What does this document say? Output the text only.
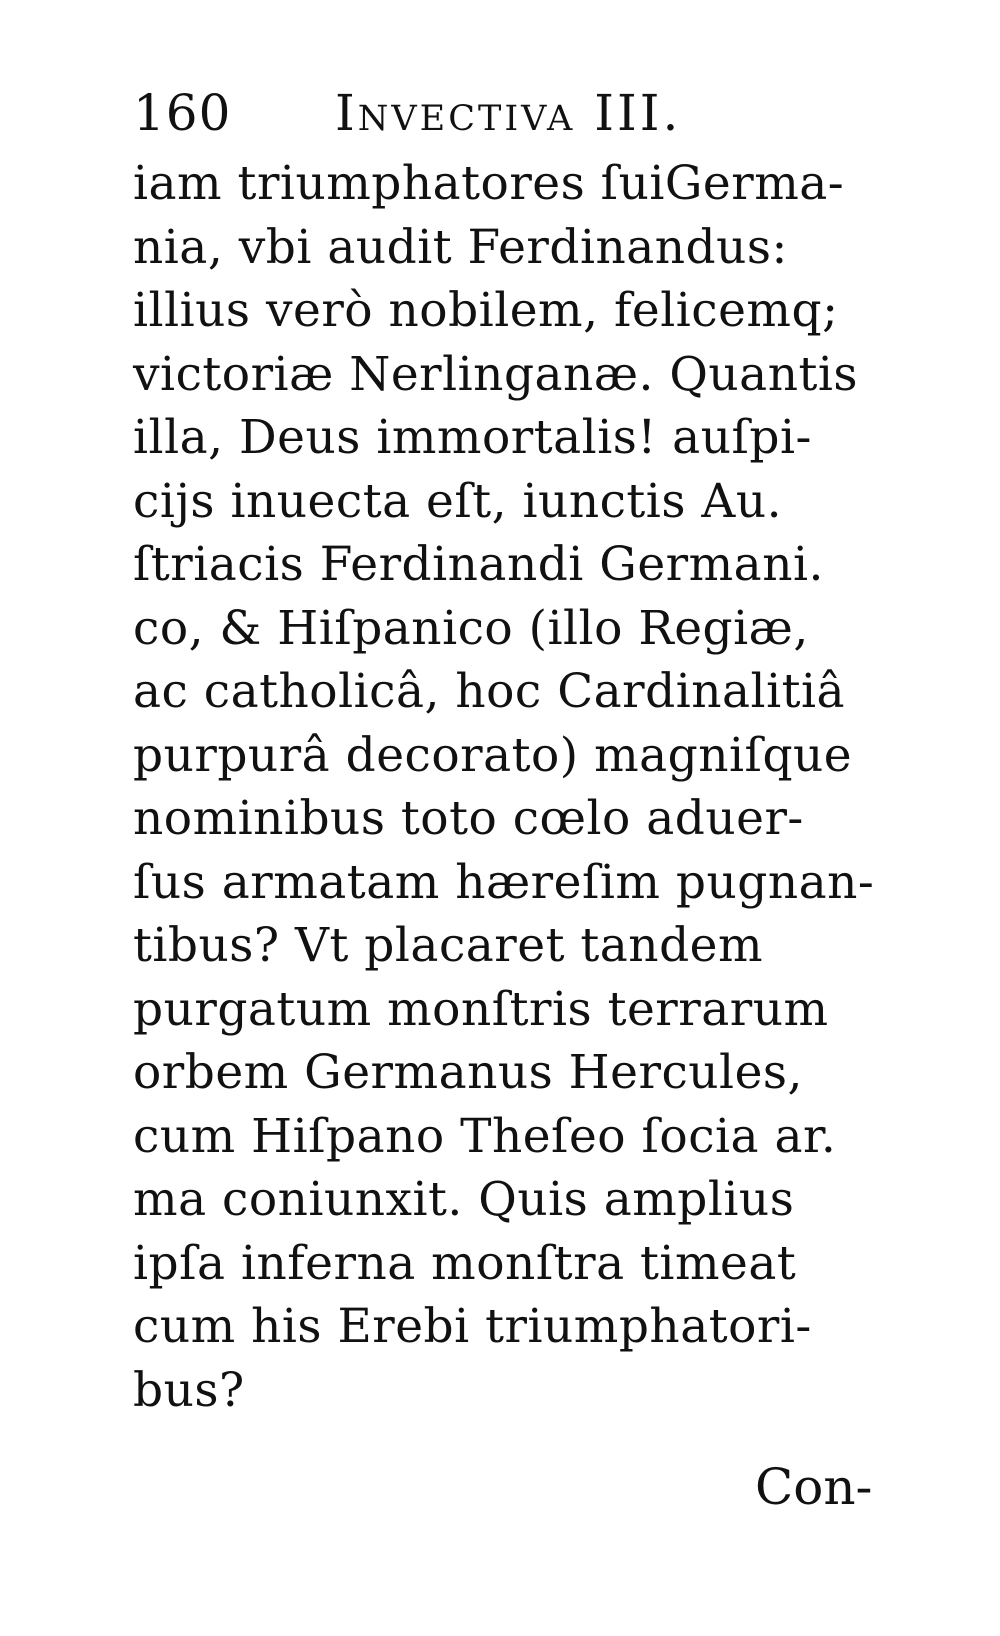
160 Invectiva III.
iam triumphatores ſuiGerma-
nia, vbi audit Ferdinandus:
illius verò nobilem, felicemq;
victoriæ Nerlinganæ. Quantis
illa, Deus immortalis! auſpi-
cijs inuecta eſt, iunctis Au.
ſtriacis Ferdinandi Germani.
co, & Hiſpanico (illo Regiæ,
ac catholicâ, hoc Cardinalitiâ
purpurâ decorato) magniſque
nominibus toto cœlo aduer-
ſus armatam hæreſim pugnan-
tibus? Vt placaret tandem
purgatum monſtris terrarum
orbem Germanus Hercules,
cum Hiſpano Theſeo ſocia ar.
ma coniunxit. Quis amplius
ipſa inferna monſtra timeat
cum his Erebi triumphatori-
bus?
Con-
